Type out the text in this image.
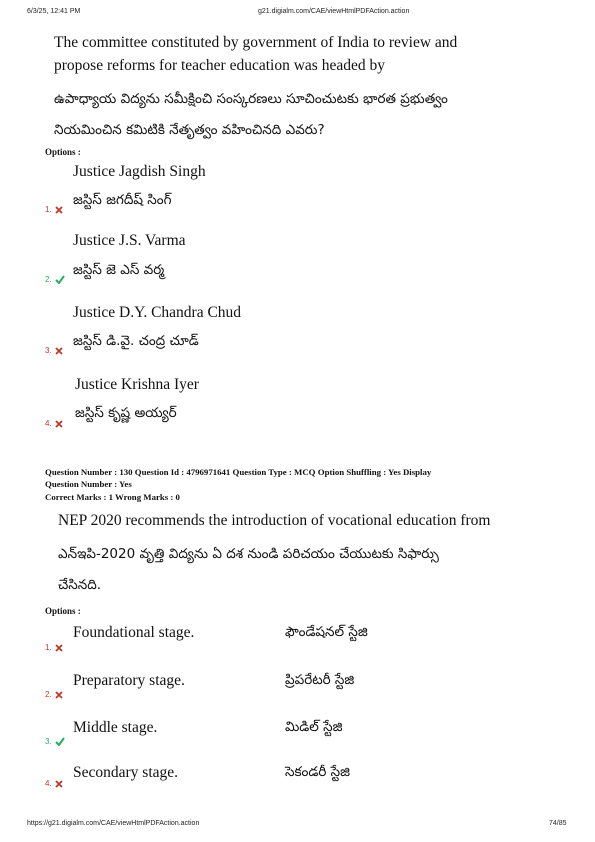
6/3/25, 12:41 PM	g21.digialm.com/CAE/viewHtmlPDFAction.action
The committee constituted by government of India to review and
propose reforms for teacher education was headed by
ఉపాధ్యాయ విద్యను సమీక్షించి సంస్కరణలు సూచించుటకు భారత ప్రభుత్వం
నియమించిన కమిటికి నేతృత్వం వహించినది ఎవరు?
Options :
Justice Jagdish Singh
జస్టిస్ జగదీష్ సింగ్
1.
Justice J.S. Varma
జస్టిస్ జె ఎస్ వర్మ
2.
Justice D.Y. Chandra Chud
జస్టిస్ డి.వై. చంద్ర చూడ్
3.
Justice Krishna Iyer
జస్టిస్ కృష్ణ అయ్యర్
4.
Question Number : 130 Question Id : 4796971641 Question Type : MCQ Option Shuffling : Yes Display
Question Number : Yes
Correct Marks : 1 Wrong Marks : 0
NEP 2020 recommends the introduction of vocational education from
ఎన్ఇపి-2020 వృత్తి విద్యను ఏ దశ నుండి పరిచయం చేయుటకు సిఫార్సు
చేసినది.
Options :
Foundational stage.	ఫౌండేషనల్ స్టేజి
1.
Preparatory stage.	ప్రిపరేటరీ స్టేజి
2.
Middle stage.	మిడిల్ స్టేజి
3.
Secondary stage.	సెకండరీ స్టేజి
4.
https://g21.digialm.com/CAE/viewHtmlPDFAction.action	74/85
